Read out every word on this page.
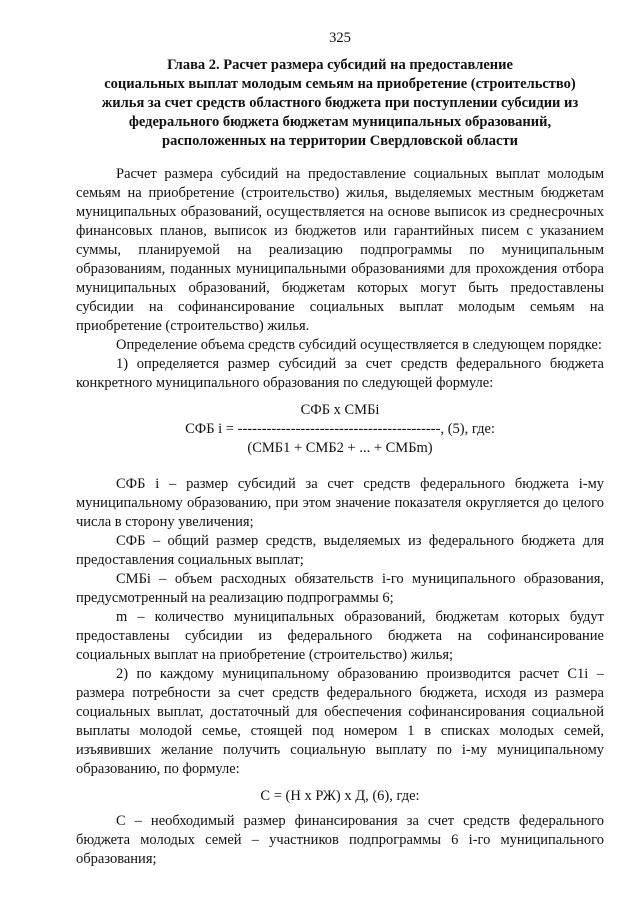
325
Глава 2. Расчет размера субсидий на предоставление
социальных выплат молодым семьям на приобретение (строительство)
жилья за счет средств областного бюджета при поступлении субсидии из
федерального бюджета бюджетам муниципальных образований,
расположенных на территории Свердловской области

Расчет размера субсидий на предоставление социальных выплат молодым семьям на приобретение (строительство) жилья, выделяемых местным бюджетам муниципальных образований, осуществляется на основе выписок из среднесрочных финансовых планов, выписок из бюджетов или гарантийных писем с указанием суммы, планируемой на реализацию подпрограммы по муниципальным образованиям, поданных муниципальными образованиями для прохождения отбора муниципальных образований, бюджетам которых могут быть предоставлены субсидии на софинансирование социальных выплат молодым семьям на приобретение (строительство) жилья.

Определение объема средств субсидий осуществляется в следующем порядке:

1) определяется размер субсидий за счет средств федерального бюджета конкретного муниципального образования по следующей формуле:

СФБ х СМБi
СФБ i = ------------------------------------------, (5), где:
(СМБ1 + СМБ2 + ... + СМБm)

СФБ i – размер субсидий за счет средств федерального бюджета i-му муниципальному образованию, при этом значение показателя округляется до целого числа в сторону увеличения;

СФБ – общий размер средств, выделяемых из федерального бюджета для предоставления социальных выплат;

СМБi – объем расходных обязательств i-го муниципального образования, предусмотренный на реализацию подпрограммы 6;

m – количество муниципальных образований, бюджетам которых будут предоставлены субсидии из федерального бюджета на софинансирование социальных выплат на приобретение (строительство) жилья;

2) по каждому муниципальному образованию производится расчет С1i – размера потребности за счет средств федерального бюджета, исходя из размера социальных выплат, достаточный для обеспечения софинансирования социальной выплаты молодой семье, стоящей под номером 1 в списках молодых семей, изъявивших желание получить социальную выплату по i-му муниципальному образованию, по формуле:

С = (Н х РЖ) х Д, (6), где:

С – необходимый размер финансирования за счет средств федерального бюджета молодых семей – участников подпрограммы 6 i-го муниципального образования;
